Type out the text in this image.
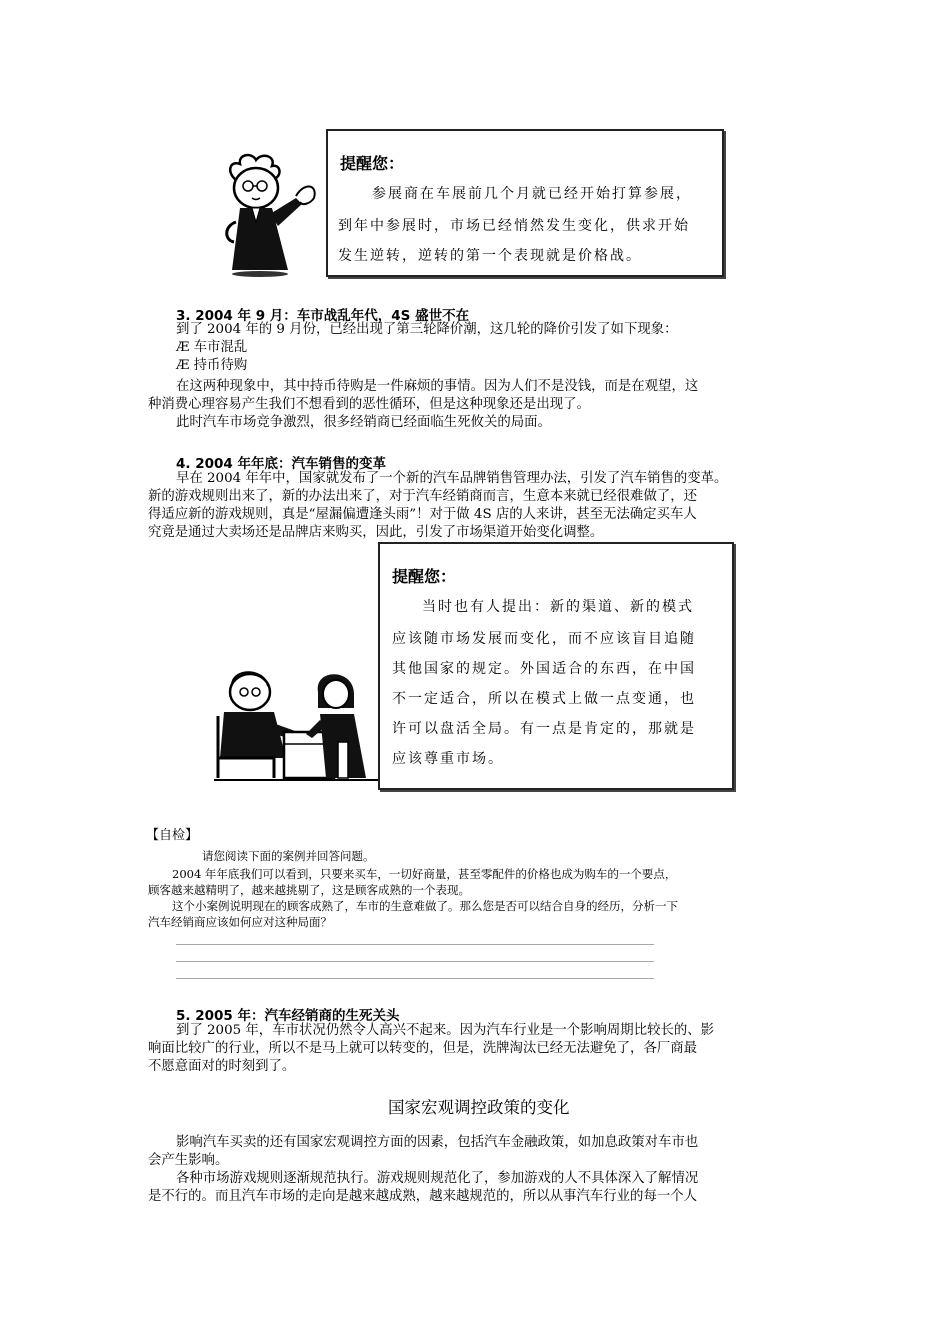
提醒您：
参展商在车展前几个月就已经开始打算参展，
到年中参展时，市场已经悄然发生变化，供求开始
发生逆转，逆转的第一个表现就是价格战。
3. 2004 年 9 月：车市战乱年代，4S 盛世不在
到了 2004 年的 9 月份，已经出现了第三轮降价潮，这几轮的降价引发了如下现象：
Æ 车市混乱
Æ 持币待购
在这两种现象中，其中持币待购是一件麻烦的事情。因为人们不是没钱，而是在观望，这
种消费心理容易产生我们不想看到的恶性循环，但是这种现象还是出现了。
此时汽车市场竞争激烈，很多经销商已经面临生死攸关的局面。
4. 2004 年年底：汽车销售的变革
早在 2004 年年中，国家就发布了一个新的汽车品牌销售管理办法，引发了汽车销售的变革。
新的游戏规则出来了，新的办法出来了，对于汽车经销商而言，生意本来就已经很难做了，还
得适应新的游戏规则，真是“屋漏偏遭逢头雨”！对于做 4S 店的人来讲，甚至无法确定买车人
究竟是通过大卖场还是品牌店来购买，因此，引发了市场渠道开始变化调整。
提醒您：
当时也有人提出：新的渠道、新的模式
应该随市场发展而变化，而不应该盲目追随
其他国家的规定。外国适合的东西，在中国
不一定适合，所以在模式上做一点变通，也
许可以盘活全局。有一点是肯定的，那就是
应该尊重市场。
【自检】
请您阅读下面的案例并回答问题。
2004 年年底我们可以看到，只要来买车，一切好商量，甚至零配件的价格也成为购车的一个要点，
顾客越来越精明了，越来越挑剔了，这是顾客成熟的一个表现。
这个小案例说明现在的顾客成熟了，车市的生意难做了。那么您是否可以结合自身的经历，分析一下
汽车经销商应该如何应对这种局面？
5. 2005 年：汽车经销商的生死关头
到了 2005 年，车市状况仍然令人高兴不起来。因为汽车行业是一个影响周期比较长的、影
响面比较广的行业，所以不是马上就可以转变的，但是，洗牌淘汰已经无法避免了，各厂商最
不愿意面对的时刻到了。
国家宏观调控政策的变化
影响汽车买卖的还有国家宏观调控方面的因素，包括汽车金融政策，如加息政策对车市也
会产生影响。
各种市场游戏规则逐渐规范执行。游戏规则规范化了，参加游戏的人不具体深入了解情况
是不行的。而且汽车市场的走向是越来越成熟，越来越规范的，所以从事汽车行业的每一个人
